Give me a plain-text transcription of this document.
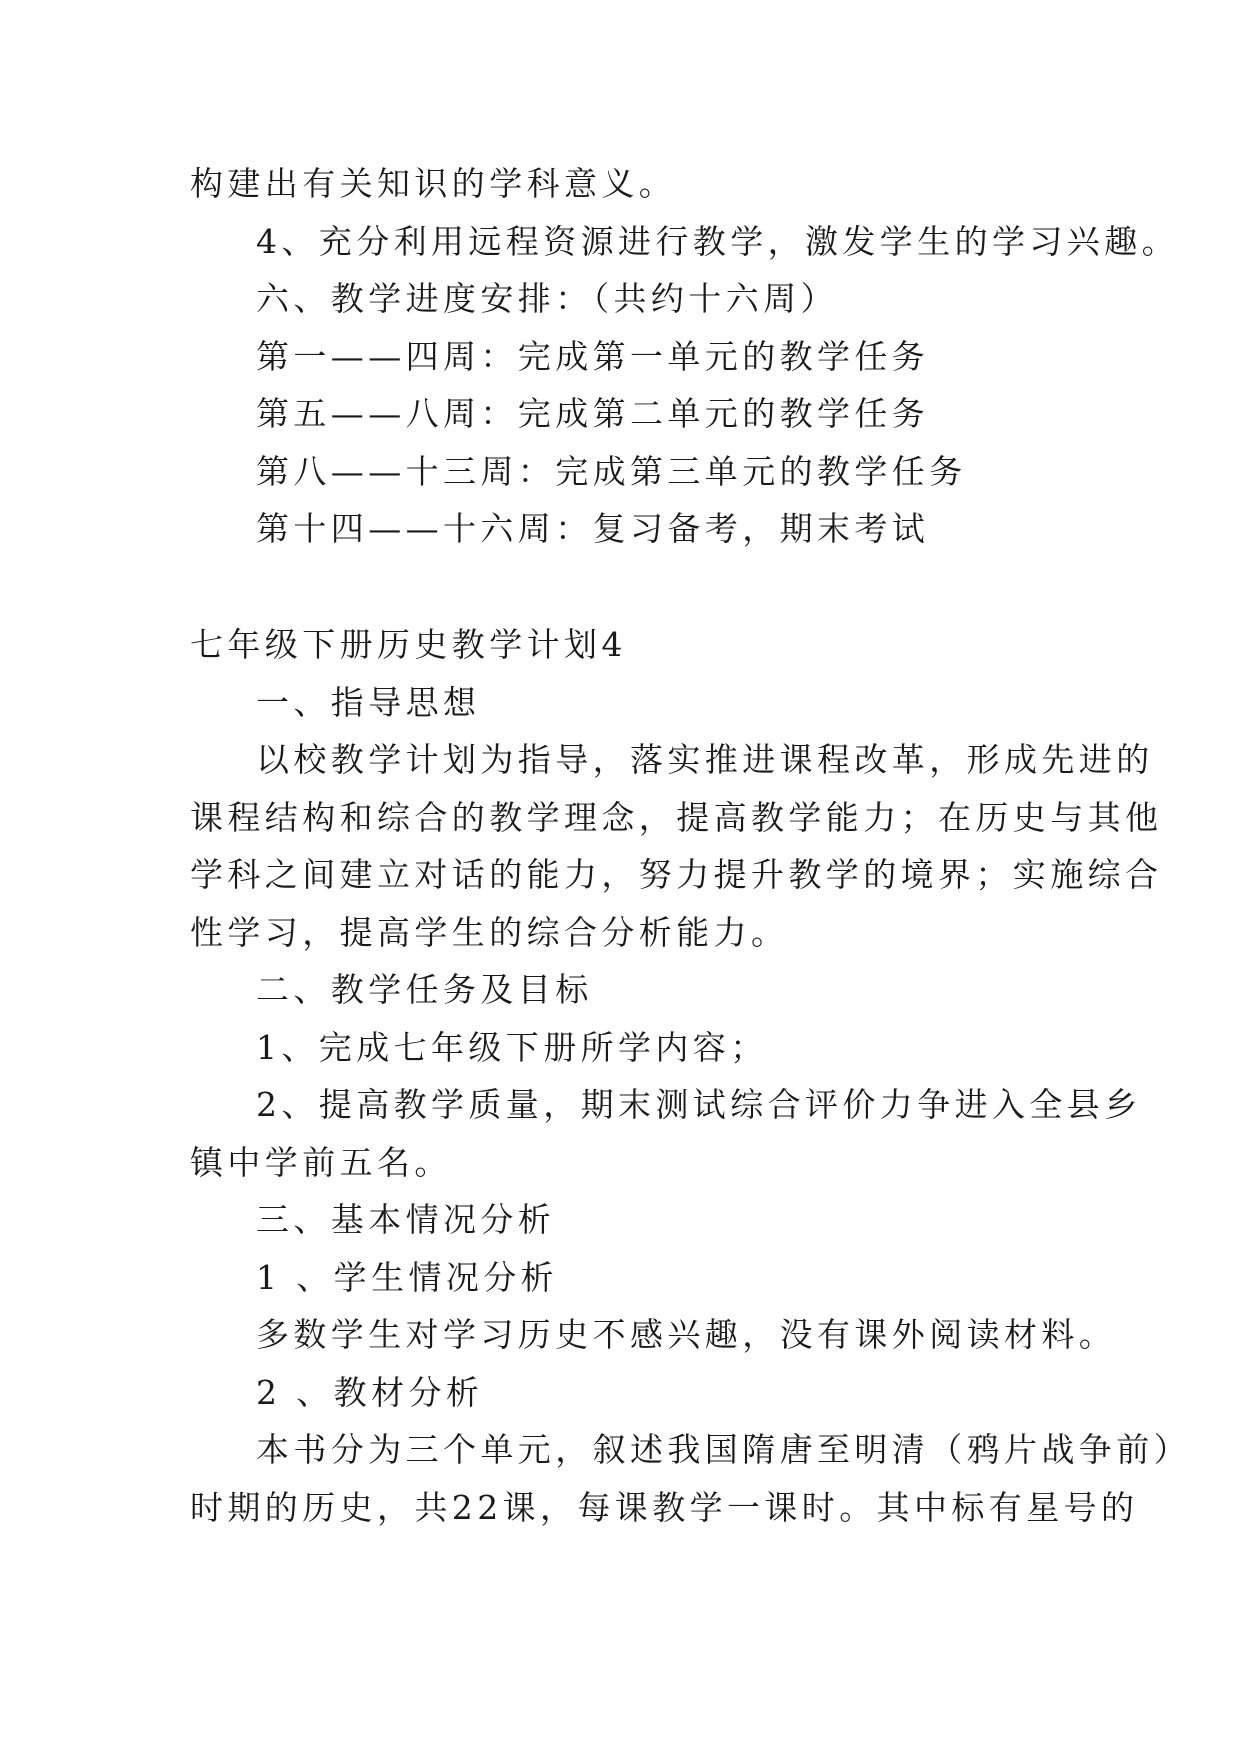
构建出有关知识的学科意义。
4、充分利用远程资源进行教学，激发学生的学习兴趣。
六、教学进度安排：（共约十六周）
第一——四周：完成第一单元的教学任务
第五——八周：完成第二单元的教学任务
第八——十三周：完成第三单元的教学任务
第十四——十六周：复习备考，期末考试
七年级下册历史教学计划4
一、指导思想
以校教学计划为指导，落实推进课程改革，形成先进的
课程结构和综合的教学理念，提高教学能力；在历史与其他
学科之间建立对话的能力，努力提升教学的境界；实施综合
性学习，提高学生的综合分析能力。
二、教学任务及目标
1、完成七年级下册所学内容；
2、提高教学质量，期末测试综合评价力争进入全县乡
镇中学前五名。
三、基本情况分析
1 、学生情况分析
多数学生对学习历史不感兴趣，没有课外阅读材料。
2 、教材分析
本书分为三个单元，叙述我国隋唐至明清（鸦片战争前）
时期的历史，共22课，每课教学一课时。其中标有星号的
